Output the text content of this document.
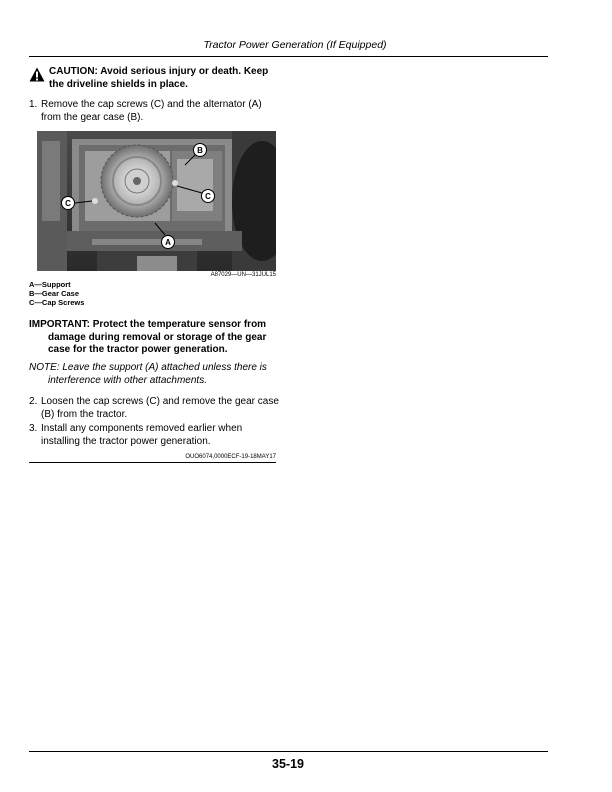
Tractor Power Generation (If Equipped)
CAUTION: Avoid serious injury or death. Keep
the driveline shields in place.
1. Remove the cap screws (C) and the alternator (A)
from the gear case (B).
B
C
C
A
A87029—UN—31JUL15
A—Support
B—Gear Case
C—Cap Screws
IMPORTANT: Protect the temperature sensor from
damage during removal or storage of the gear
case for the tractor power generation.
NOTE: Leave the support (A) attached unless there is
interference with other attachments.
2. Loosen the cap screws (C) and remove the gear case
(B) from the tractor.
3. Install any components removed earlier when
installing the tractor power generation.
OUO6074,0000ECF-19-18MAY17
35-19
